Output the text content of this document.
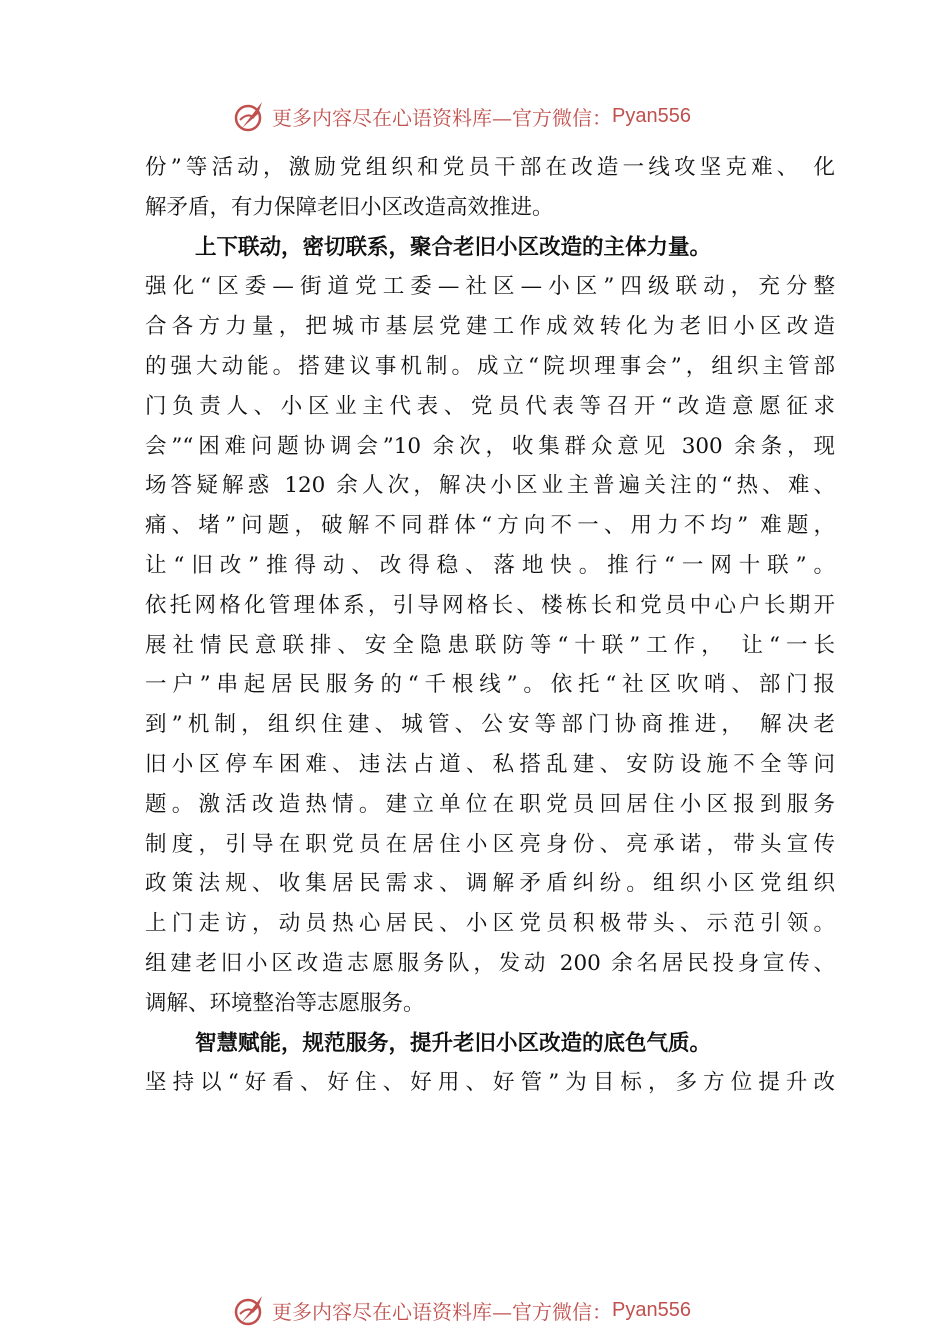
更多内容尽在心语资料库—官方微信： Pyan556
份”等活动，激励党组织和党员干部在改造一线攻坚克难、 化
解矛盾，有力保障老旧小区改造高效推进。
上下联动，密切联系，聚合老旧小区改造的主体力量。
强化“区委—街道党工委—社区—小区”四级联动，充分整
合各方力量，把城市基层党建工作成效转化为老旧小区改造
的强大动能。搭建议事机制。成立“院坝理事会”，组织主管部
门负责人、小区业主代表、党员代表等召开“改造意愿征求
会”“困难问题协调会”10 余次，收集群众意见 300 余条，现
场答疑解惑 120 余人次，解决小区业主普遍关注的“热、难、
痛、堵”问题，破解不同群体“方向不一、用力不均” 难题，
让“旧改”推得动、改得稳、落地快。推行“一网十联”。
依托网格化管理体系，引导网格长、楼栋长和党员中心户长期开
展社情民意联排、安全隐患联防等“十联”工作， 让“一长
一户”串起居民服务的“千根线”。依托“社区吹哨、部门报
到”机制，组织住建、城管、公安等部门协商推进， 解决老
旧小区停车困难、违法占道、私搭乱建、安防设施不全等问
题。激活改造热情。建立单位在职党员回居住小区报到服务
制度，引导在职党员在居住小区亮身份、亮承诺，带头宣传
政策法规、收集居民需求、调解矛盾纠纷。组织小区党组织
上门走访，动员热心居民、小区党员积极带头、示范引领。
组建老旧小区改造志愿服务队，发动 200 余名居民投身宣传、
调解、环境整治等志愿服务。
智慧赋能，规范服务，提升老旧小区改造的底色气质。
坚持以“好看、好住、好用、好管”为目标，多方位提升改
更多内容尽在心语资料库—官方微信： Pyan556
